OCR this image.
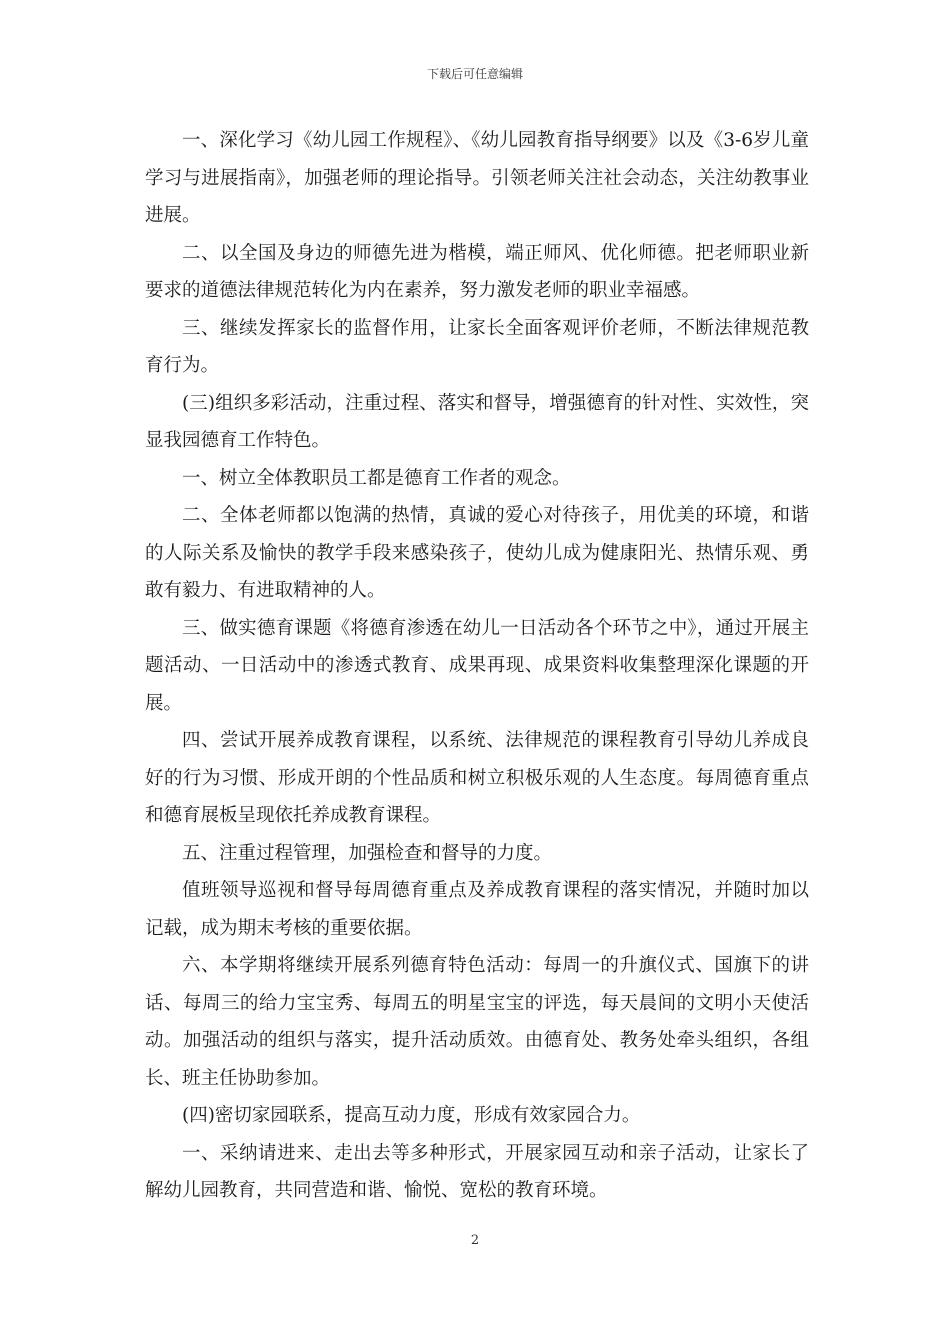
下载后可任意编辑

一、深化学习《幼儿园工作规程》、《幼儿园教育指导纲要》以及《3-6岁儿童学习与进展指南》，加强老师的理论指导。引领老师关注社会动态，关注幼教事业进展。

二、以全国及身边的师德先进为楷模，端正师风、优化师德。把老师职业新要求的道德法律规范转化为内在素养，努力激发老师的职业幸福感。

三、继续发挥家长的监督作用，让家长全面客观评价老师，不断法律规范教育行为。

(三)组织多彩活动，注重过程、落实和督导，增强德育的针对性、实效性，突显我园德育工作特色。

一、树立全体教职员工都是德育工作者的观念。

二、全体老师都以饱满的热情，真诚的爱心对待孩子，用优美的环境，和谐的人际关系及愉快的教学手段来感染孩子，使幼儿成为健康阳光、热情乐观、勇敢有毅力、有进取精神的人。

三、做实德育课题《将德育渗透在幼儿一日活动各个环节之中》，通过开展主题活动、一日活动中的渗透式教育、成果再现、成果资料收集整理深化课题的开展。

四、尝试开展养成教育课程，以系统、法律规范的课程教育引导幼儿养成良好的行为习惯、形成开朗的个性品质和树立积极乐观的人生态度。每周德育重点和德育展板呈现依托养成教育课程。

五、注重过程管理，加强检查和督导的力度。

值班领导巡视和督导每周德育重点及养成教育课程的落实情况，并随时加以记载，成为期末考核的重要依据。

六、本学期将继续开展系列德育特色活动：每周一的升旗仪式、国旗下的讲话、每周三的给力宝宝秀、每周五的明星宝宝的评选，每天晨间的文明小天使活动。加强活动的组织与落实，提升活动质效。由德育处、教务处牵头组织，各组长、班主任协助参加。

(四)密切家园联系，提高互动力度，形成有效家园合力。

一、采纳请进来、走出去等多种形式，开展家园互动和亲子活动，让家长了解幼儿园教育，共同营造和谐、愉悦、宽松的教育环境。

2
